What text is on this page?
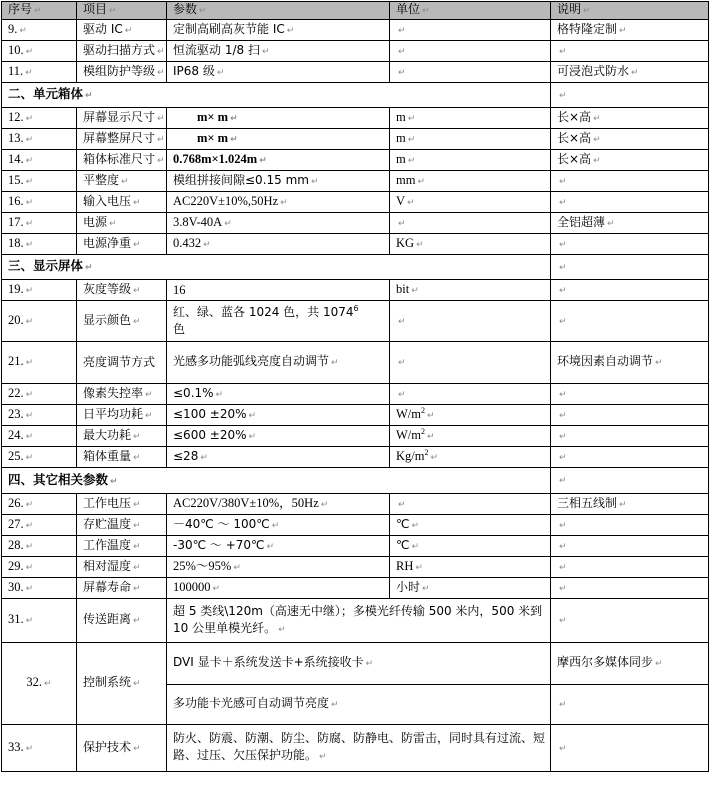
序号 ↵	项目 ↵	参数 ↵	单位 ↵	说明 ↵
9. ↵	驱动 IC ↵	定制高刷高灰节能 IC ↵	↵	格特隆定制 ↵
10. ↵	驱动扫描方式 ↵	恒流驱动 1/8 扫 ↵	↵	↵
11. ↵	模组防护等级 ↵	IP68 级 ↵	↵	可浸泡式防水 ↵
二、单元箱体 ↵				↵
12. ↵	屏幕显示尺寸 ↵	m× m ↵	m ↵	长×高 ↵
13. ↵	屏幕整屏尺寸 ↵	m× m ↵	m ↵	长×高 ↵
14. ↵	箱体标准尺寸 ↵	0.768m×1.024m ↵	m ↵	长×高 ↵
15. ↵	平整度 ↵	模组拼接间隙≤0.15 mm ↵	mm ↵	↵
16. ↵	输入电压 ↵	AC220V±10%,50Hz ↵	V ↵	↵
17. ↵	电源 ↵	3.8V-40A ↵	↵	全铝超薄 ↵
18. ↵	电源净重 ↵	0.432 ↵	KG ↵	↵
三、显示屏体 ↵				↵
19. ↵	灰度等级 ↵	16	bit ↵	↵
20. ↵	显示颜色 ↵	红、绿、蓝各 1024 色，共 1074$^6$
色	↵	↵
21. ↵	亮度调节方式	光感多功能弧线亮度自动调节 ↵	↵	环境因素自动调节 ↵
22. ↵	像素失控率 ↵	≤0.1% ↵	↵	↵
23. ↵	日平均功耗 ↵	≤100 ±20% ↵	$W/m^2↵$	↵
24. ↵	最大功耗 ↵	≤600 ±20% ↵	$W/m^2↵$	↵
25. ↵	箱体重量 ↵	≤28 ↵	$Kg/m^2↵$	↵
四、其它相关参数 ↵				↵
26. ↵	工作电压 ↵	AC220V/380V±10%，50Hz ↵	↵	三相五线制 ↵
27. ↵	存贮温度 ↵	－40℃ ～ 100℃ ↵	℃ ↵	↵
28. ↵	工作温度 ↵	-30℃ ～ +70℃ ↵	℃ ↵	↵
29. ↵	相对湿度 ↵	25%～95% ↵	RH ↵	↵
30. ↵	屏幕寿命 ↵	100000 ↵	小时 ↵	↵
31. ↵	传送距离 ↵	超 5 类线\120m（高速无中继）；多模光纤传输 500 米内，500 米到 10 公里单模光纤。 ↵		↵
32. ↵	控制系统 ↵	DVI 显卡＋系统发送卡+系统接收卡 ↵		摩西尔多媒体同步 ↵
		多功能卡光感可自动调节亮度 ↵		↵
33. ↵	保护技术 ↵	防火、防震、防潮、防尘、防腐、防静电、防雷击，同时具有过流、短路、过压、欠压保护功能。 ↵		↵
